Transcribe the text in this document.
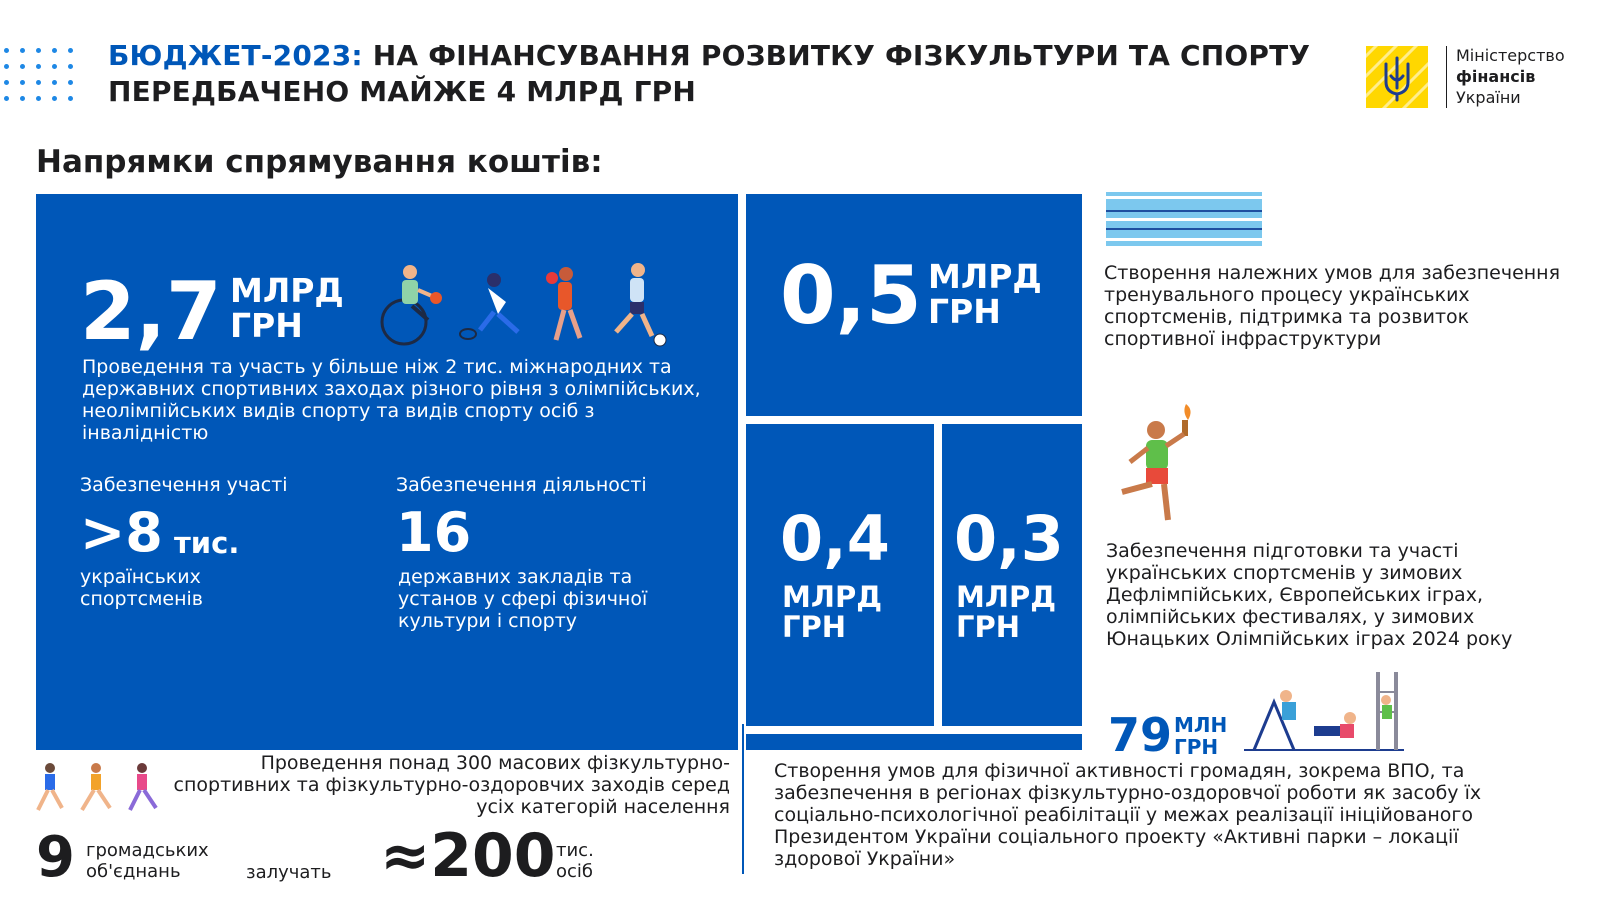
БЮДЖЕТ-2023: НА ФІНАНСУВАННЯ РОЗВИТКУ ФІЗКУЛЬТУРИ ТА СПОРТУ
ПЕРЕДБАЧЕНО МАЙЖЕ 4 МЛРД ГРН
Міністерство
фінансів
України
Напрямки спрямування коштів:
2,7 МЛРД
ГРН
Проведення та участь у більше ніж 2 тис. міжнародних та державних спортивних заходах різного рівня з олімпійських, неолімпійських видів спорту та видів спорту осіб з інвалідністю
Забезпечення участі
>8 тис.
українських спортсменів
Забезпечення діяльності
16
державних закладів та установ у сфері фізичної культури і спорту
0,5 МЛРД
ГРН
0,4
МЛРД
ГРН
0,3
МЛРД
ГРН
Створення належних умов для забезпечення тренувального процесу українських спортсменів, підтримка та розвиток спортивної інфраструктури
Забезпечення підготовки та участі українських спортсменів у зимових Дефлімпійських, Європейських іграх, олімпійських фестивалях, у зимових Юнацьких Олімпійських іграх 2024 року
79 МЛН
ГРН
Створення умов для фізичної активності громадян, зокрема ВПО, та забезпечення в регіонах фізкультурно-оздоровчої роботи як засобу їх соціально-психологічної реабілітації у межах реалізації ініційованого Президентом України соціального проекту «Активні парки – локації здорової України»
Проведення понад 300 масових фізкультурно-спортивних та фізкультурно-оздоровчих заходів серед усіх категорій населення
9 громадських об'єднань	залучать ≈200 тис. осіб
